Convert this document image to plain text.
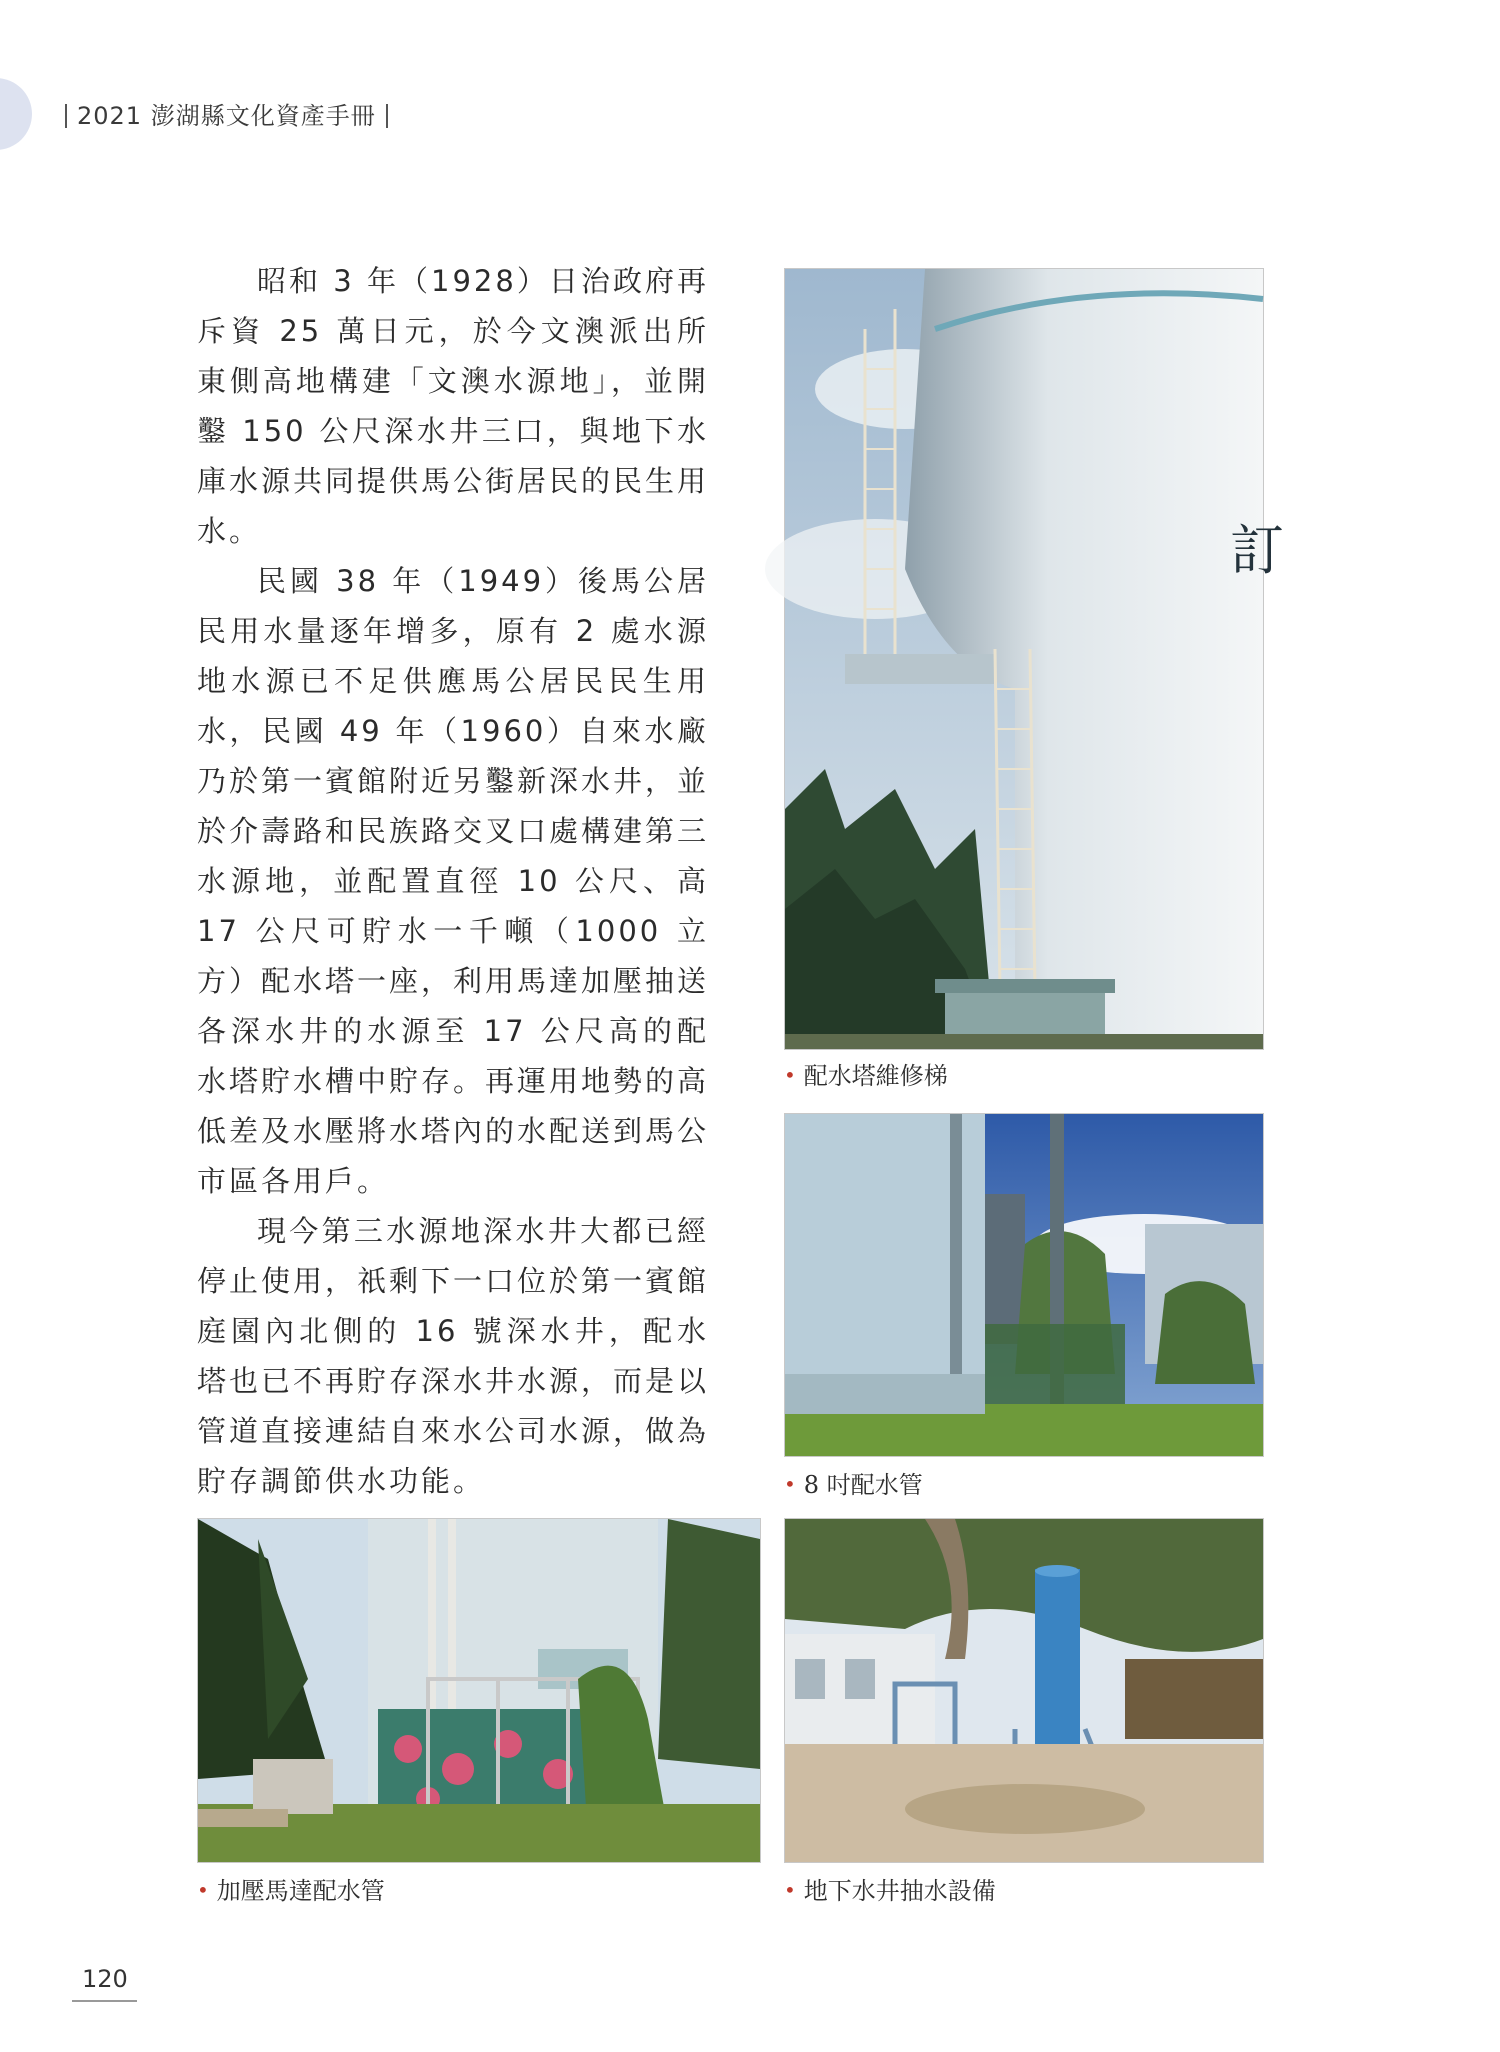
2021 澎湖縣文化資產手冊

昭和 3 年（1928）日治政府再斥資 25 萬日元，於今文澳派出所東側高地構建「文澳水源地」，並開鑿 150 公尺深水井三口，與地下水庫水源共同提供馬公街居民的民生用水。

民國 38 年（1949）後馬公居民用水量逐年增多，原有 2 處水源地水源已不足供應馬公居民民生用水，民國 49 年（1960）自來水廠乃於第一賓館附近另鑿新深水井，並於介壽路和民族路交叉口處構建第三水源地，並配置直徑 10 公尺、高 17 公尺可貯水一千噸（1000 立方）配水塔一座，利用馬達加壓抽送各深水井的水源至 17 公尺高的配水塔貯水槽中貯存。再運用地勢的高低差及水壓將水塔內的水配送到馬公市區各用戶。

現今第三水源地深水井大都已經停止使用，祇剩下一口位於第一賓館庭園內北側的 16 號深水井，配水塔也已不再貯存深水井水源，而是以管道直接連結自來水公司水源，做為貯存調節供水功能。

訂
• 配水塔維修梯
• 8 吋配水管
• 加壓馬達配水管	• 地下水井抽水設備
120
